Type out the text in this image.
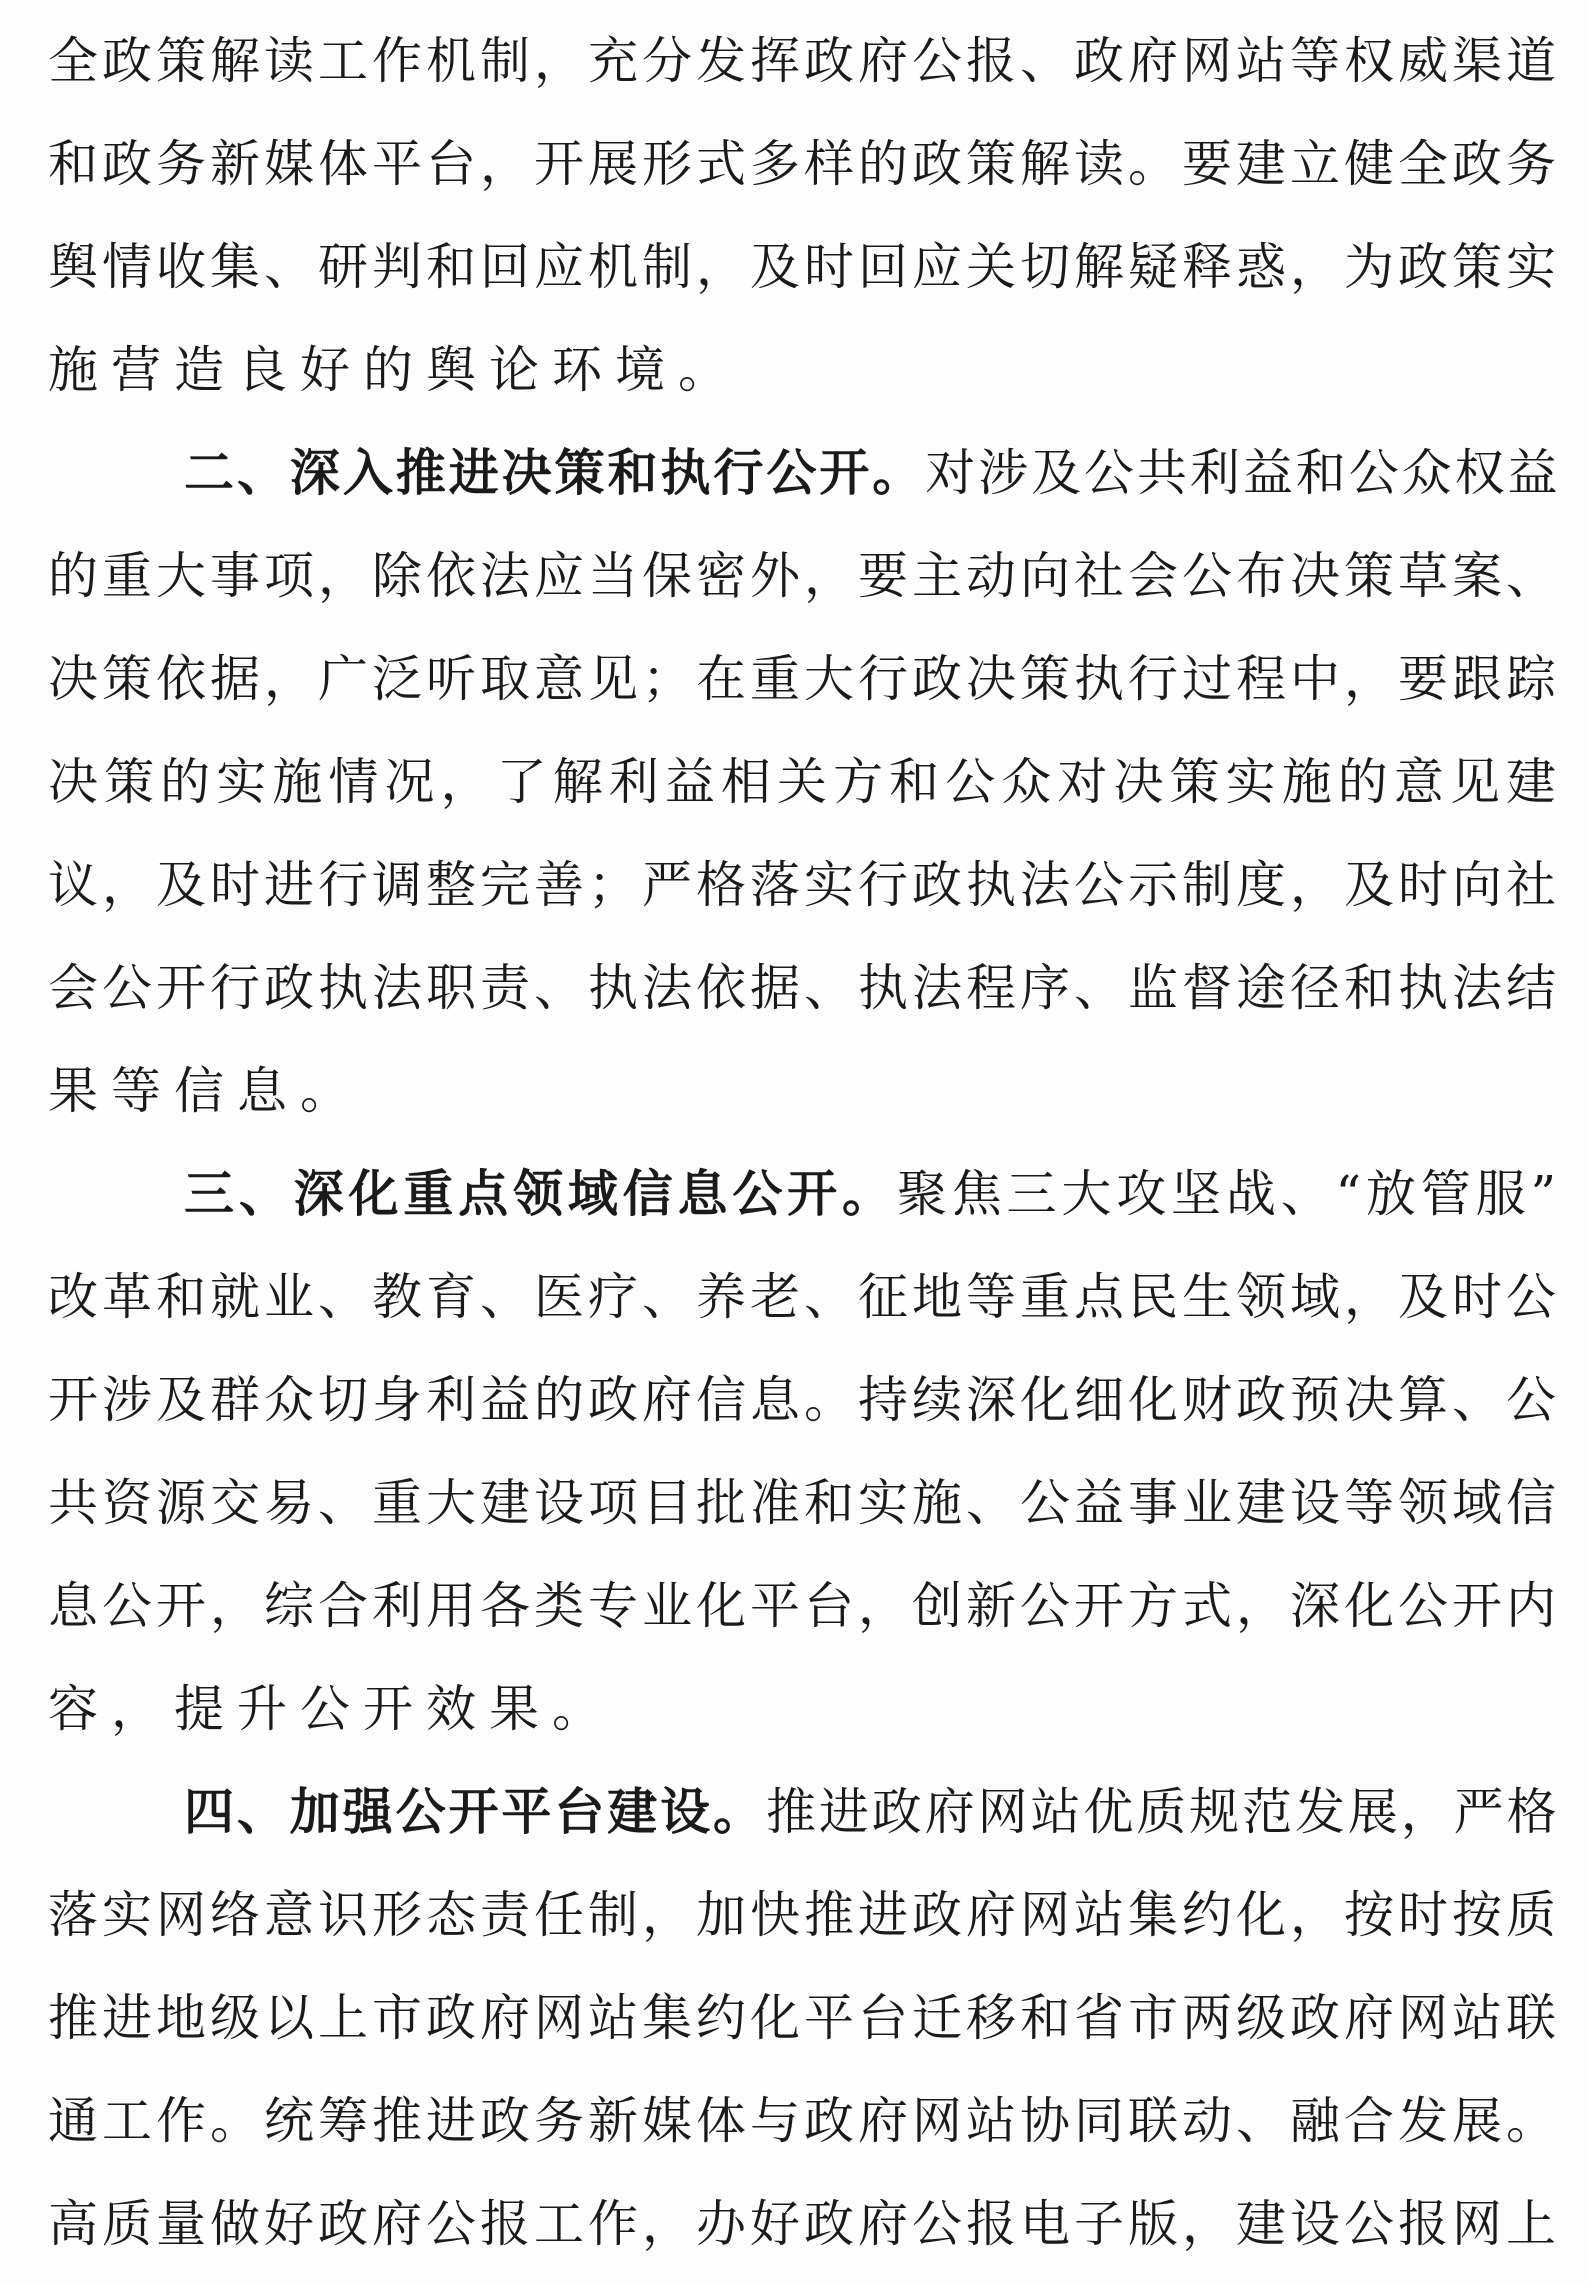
全政策解读工作机制，充分发挥政府公报、政府网站等权威渠道
和政务新媒体平台，开展形式多样的政策解读。要建立健全政务
舆情收集、研判和回应机制，及时回应关切解疑释惑，为政策实
施营造良好的舆论环境。
二、深入推进决策和执行公开。对涉及公共利益和公众权益
的重大事项，除依法应当保密外，要主动向社会公布决策草案、
决策依据，广泛听取意见；在重大行政决策执行过程中，要跟踪
决策的实施情况，了解利益相关方和公众对决策实施的意见建
议，及时进行调整完善；严格落实行政执法公示制度，及时向社
会公开行政执法职责、执法依据、执法程序、监督途径和执法结
果等信息。
三、深化重点领域信息公开。聚焦三大攻坚战、“放管服”
改革和就业、教育、医疗、养老、征地等重点民生领域，及时公
开涉及群众切身利益的政府信息。持续深化细化财政预决算、公
共资源交易、重大建设项目批准和实施、公益事业建设等领域信
息公开，综合利用各类专业化平台，创新公开方式，深化公开内
容，提升公开效果。
四、加强公开平台建设。推进政府网站优质规范发展，严格
落实网络意识形态责任制，加快推进政府网站集约化，按时按质
推进地级以上市政府网站集约化平台迁移和省市两级政府网站联
通工作。统筹推进政务新媒体与政府网站协同联动、融合发展。
高质量做好政府公报工作，办好政府公报电子版，建设公报网上
